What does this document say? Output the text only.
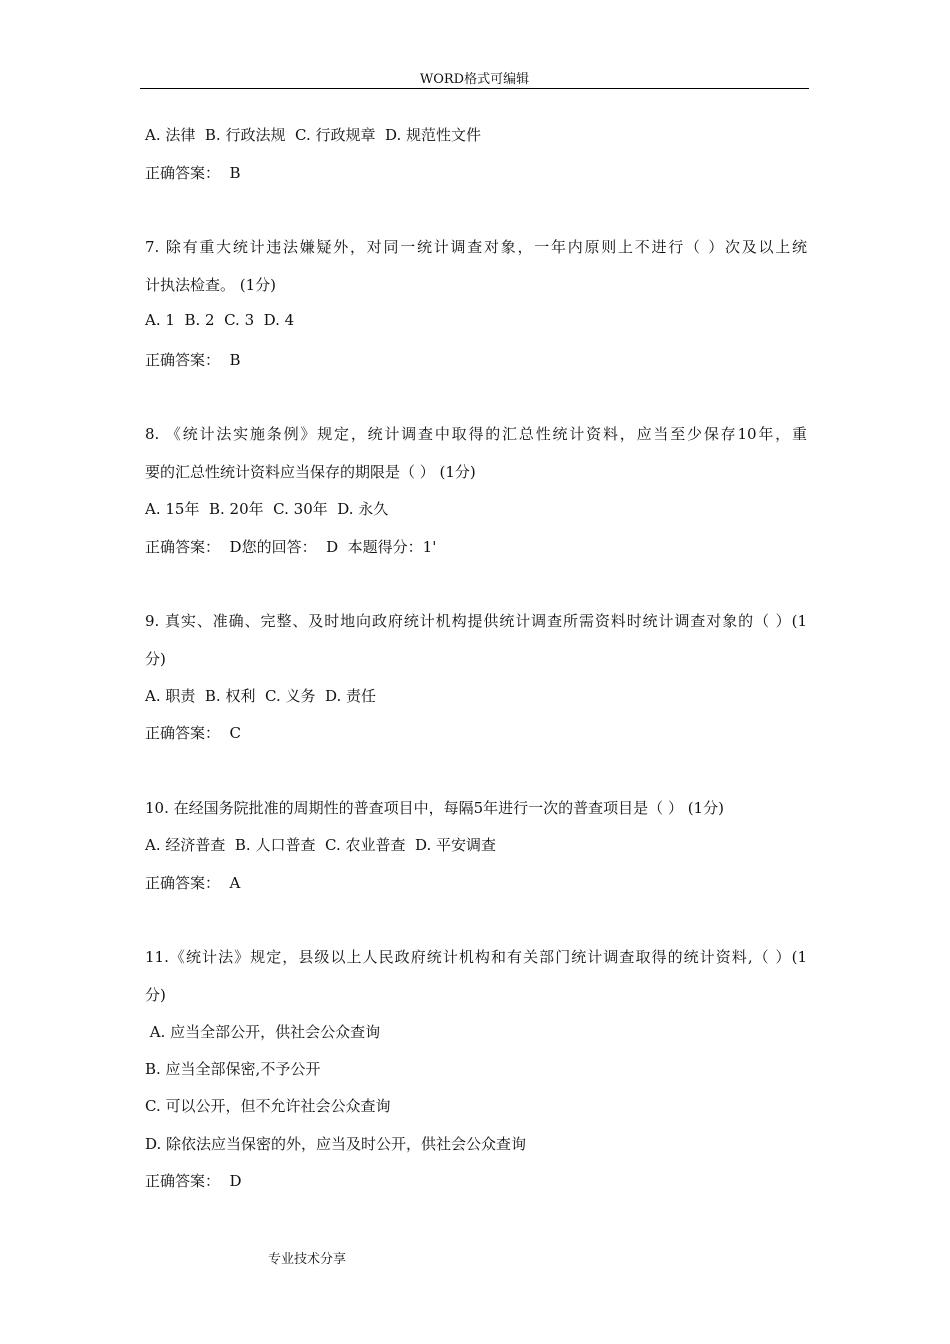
WORD格式可编辑
A. 法律  B. 行政法规  C. 行政规章  D. 规范性文件
正确答案：  B
7. 除有重大统计违法嫌疑外，对同一统计调查对象，一年内原则上不进行（ ）次及以上统
计执法检查。 (1分)
A. 1  B. 2  C. 3  D. 4
正确答案：  B
8. 《统计法实施条例》规定，统计调查中取得的汇总性统计资料，应当至少保存10年，重
要的汇总性统计资料应当保存的期限是（ ） (1分)
A. 15年  B. 20年  C. 30年  D. 永久
正确答案：  D您的回答：  D  本题得分：1'
9. 真实、准确、完整、及时地向政府统计机构提供统计调查所需资料时统计调查对象的（ ）(1
分)
A. 职责  B. 权利  C. 义务  D. 责任
正确答案：  C
10. 在经国务院批准的周期性的普查项目中，每隔5年进行一次的普查项目是（ ） (1分)
A. 经济普查  B. 人口普查  C. 农业普查  D. 平安调查
正确答案：  A
11.《统计法》规定，县级以上人民政府统计机构和有关部门统计调查取得的统计资料,（ ）(1
分)
A. 应当全部公开，供社会公众查询
B. 应当全部保密,不予公开
C. 可以公开，但不允许社会公众查询
D. 除依法应当保密的外，应当及时公开，供社会公众查询
正确答案：  D
专业技术分享
